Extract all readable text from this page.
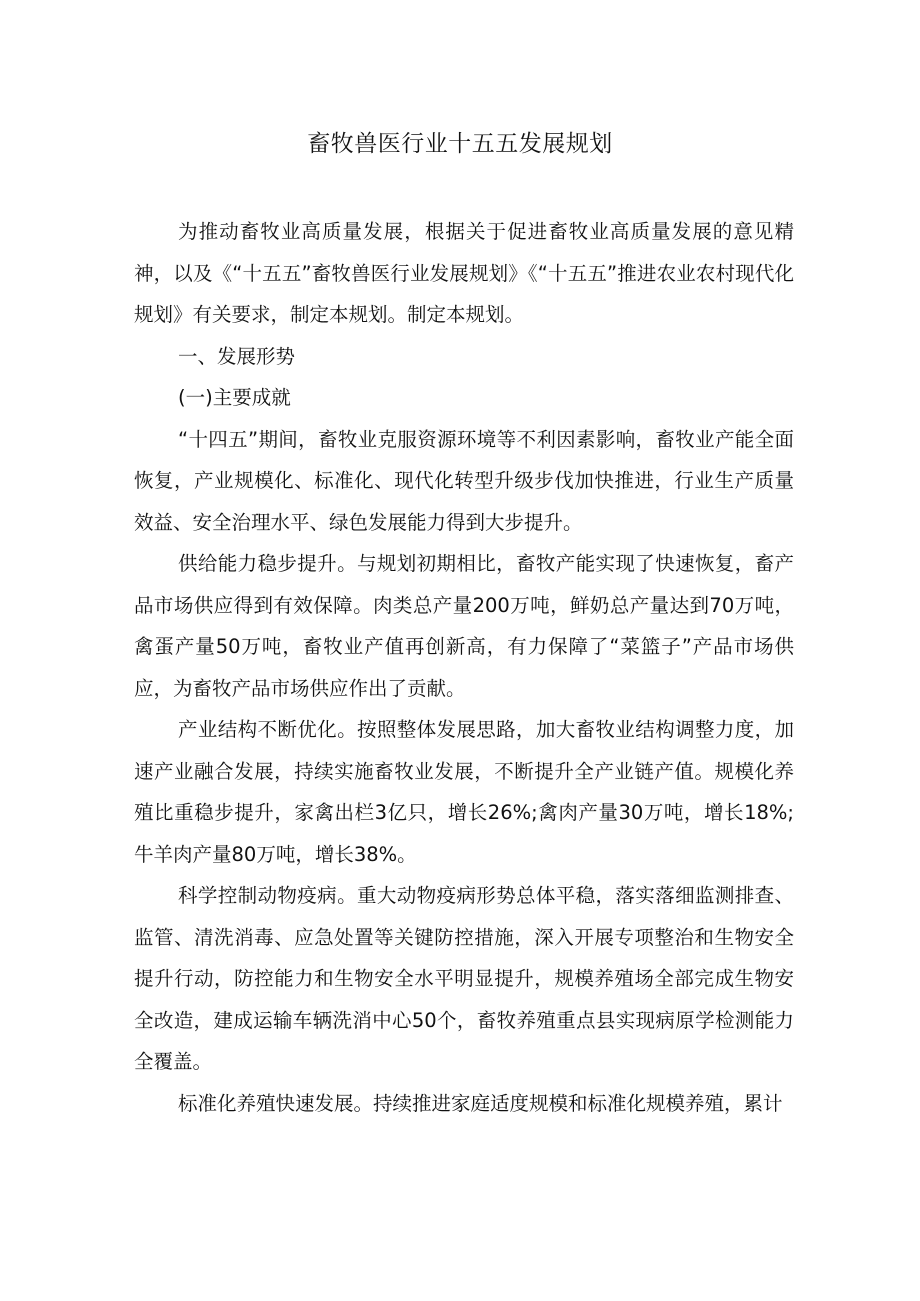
畜牧兽医行业十五五发展规划

为推动畜牧业高质量发展，根据关于促进畜牧业高质量发展的意见精神，以及《“十五五”畜牧兽医行业发展规划》《“十五五”推进农业农村现代化规划》有关要求，制定本规划。制定本规划。

一、发展形势

(一)主要成就

“十四五”期间，畜牧业克服资源环境等不利因素影响，畜牧业产能全面恢复，产业规模化、标准化、现代化转型升级步伐加快推进，行业生产质量效益、安全治理水平、绿色发展能力得到大步提升。

供给能力稳步提升。与规划初期相比，畜牧产能实现了快速恢复，畜产品市场供应得到有效保障。肉类总产量200万吨，鲜奶总产量达到70万吨，禽蛋产量50万吨，畜牧业产值再创新高，有力保障了“菜篮子”产品市场供应，为畜牧产品市场供应作出了贡献。

产业结构不断优化。按照整体发展思路，加大畜牧业结构调整力度，加速产业融合发展，持续实施畜牧业发展，不断提升全产业链产值。规模化养殖比重稳步提升，家禽出栏3亿只，增长26%;禽肉产量30万吨，增长18%;牛羊肉产量80万吨，增长38%。

科学控制动物疫病。重大动物疫病形势总体平稳，落实落细监测排查、监管、清洗消毒、应急处置等关键防控措施，深入开展专项整治和生物安全提升行动，防控能力和生物安全水平明显提升，规模养殖场全部完成生物安全改造，建成运输车辆洗消中心50个，畜牧养殖重点县实现病原学检测能力全覆盖。

标准化养殖快速发展。持续推进家庭适度规模和标准化规模养殖，累计
